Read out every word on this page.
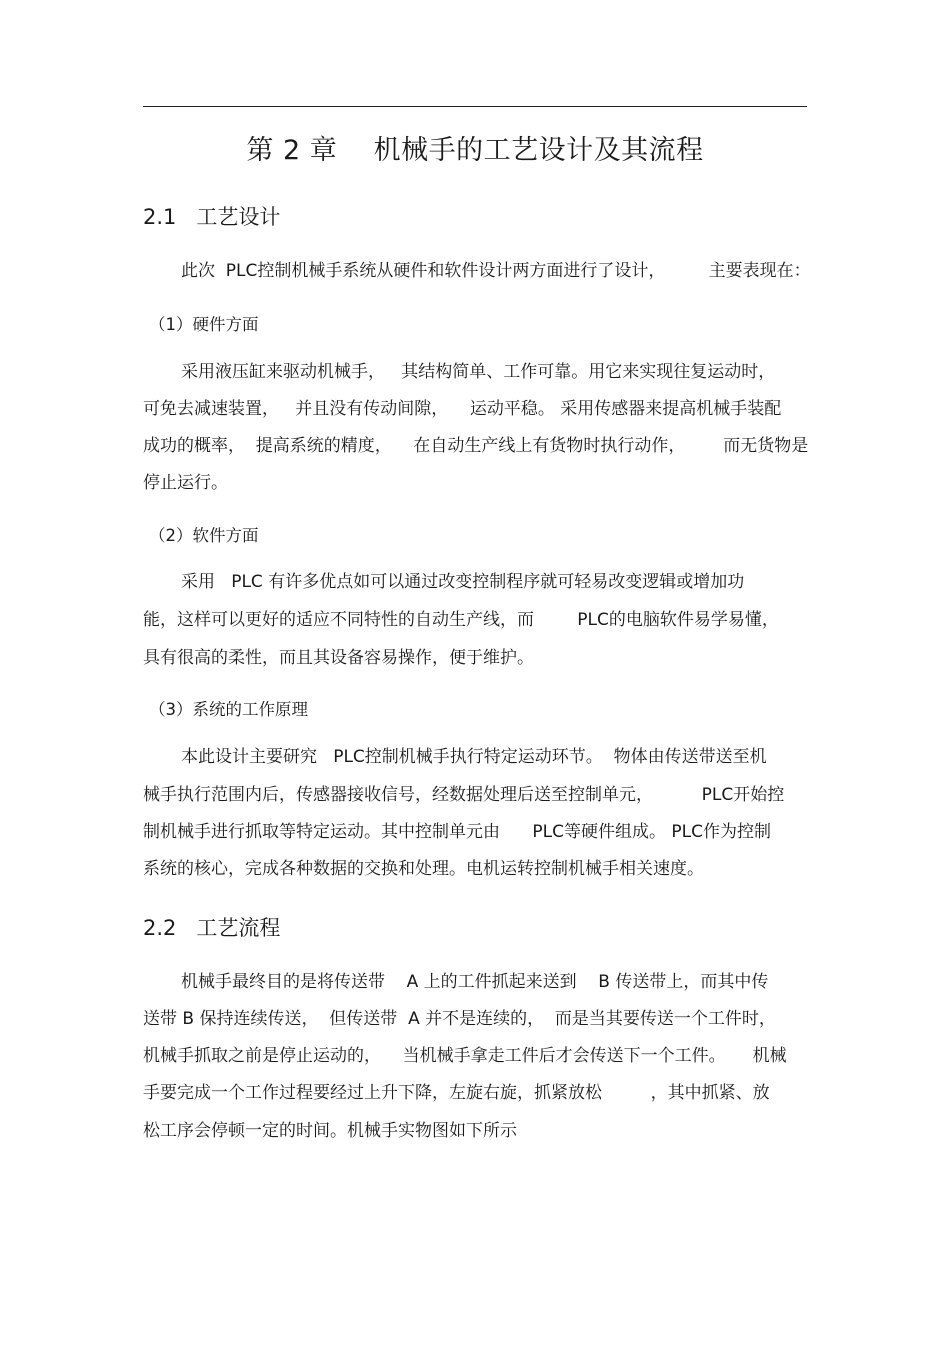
第 2 章    机械手的工艺设计及其流程
2.1   工艺设计
此次  PLC控制机械手系统从硬件和软件设计两方面进行了设计，        主要表现在：
（1）硬件方面
采用液压缸来驱动机械手，   其结构简单、工作可靠。用它来实现往复运动时，
可免去减速装置，   并且没有传动间隙，    运动平稳。 采用传感器来提高机械手装配
成功的概率，  提高系统的精度，    在自动生产线上有货物时执行动作，       而无货物是
停止运行。
（2）软件方面
采用   PLC 有许多优点如可以通过改变控制程序就可轻易改变逻辑或增加功
能，这样可以更好的适应不同特性的自动生产线，而        PLC的电脑软件易学易懂，
具有很高的柔性，而且其设备容易操作，便于维护。
（3）系统的工作原理
本此设计主要研究   PLC控制机械手执行特定运动环节。  物体由传送带送至机
械手执行范围内后，传感器接收信号，经数据处理后送至控制单元，         PLC开始控
制机械手进行抓取等特定运动。其中控制单元由      PLC等硬件组成。 PLC作为控制
系统的核心，完成各种数据的交换和处理。电机运转控制机械手相关速度。
2.2   工艺流程
机械手最终目的是将传送带    A 上的工件抓起来送到    B 传送带上，而其中传
送带 B 保持连续传送，  但传送带  A 并不是连续的，  而是当其要传送一个工件时，
机械手抓取之前是停止运动的，    当机械手拿走工件后才会传送下一个工件。     机械
手要完成一个工作过程要经过上升下降，左旋右旋，抓紧放松         ，其中抓紧、放
松工序会停顿一定的时间。机械手实物图如下所示
